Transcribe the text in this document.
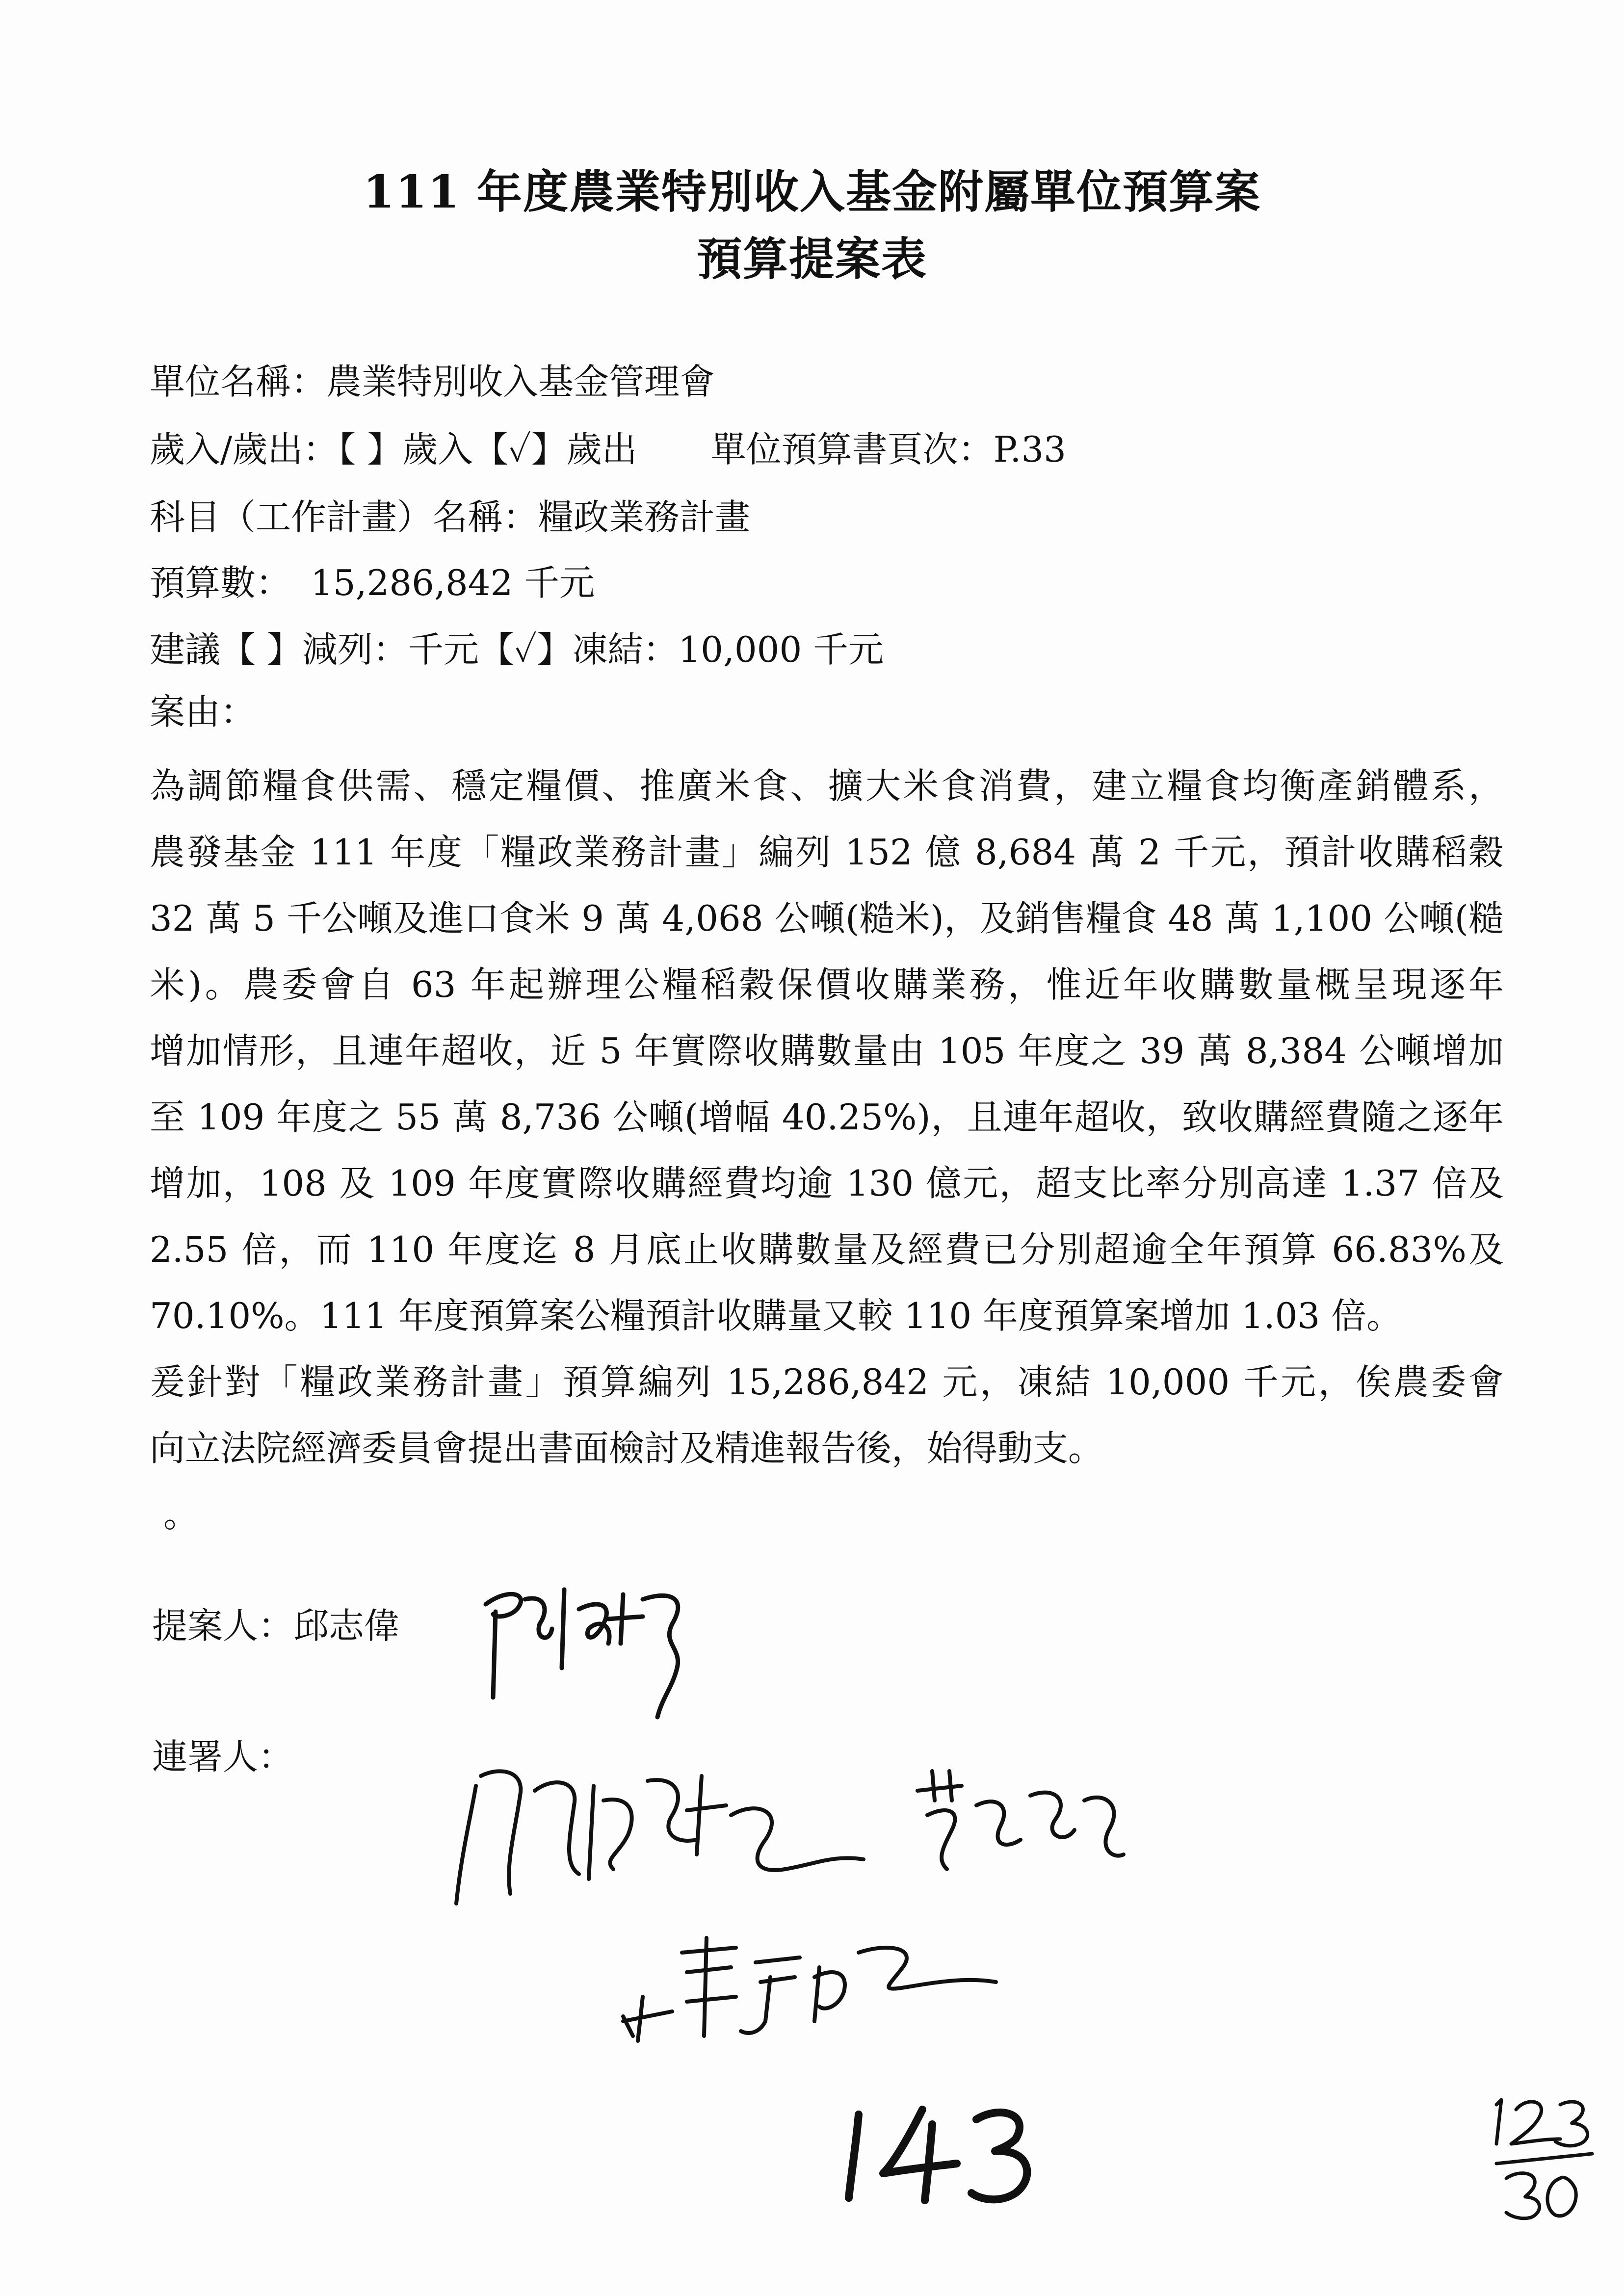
111 年度農業特別收入基金附屬單位預算案
預算提案表
單位名稱：農業特別收入基金管理會
歲入/歲出：【 】歲入【✓】歲出 單位預算書頁次：P.33
科目（工作計畫）名稱：糧政業務計畫
預算數： 15,286,842 千元
建議【 】減列：千元【✓】凍結：10,000 千元
案由：
為調節糧食供需、穩定糧價、推廣米食、擴大米食消費，建立糧食均衡產銷體系，
農發基金 111 年度「糧政業務計畫」編列 152 億 8,684 萬 2 千元，預計收購稻穀
32 萬 5 千公噸及進口食米 9 萬 4,068 公噸(糙米)，及銷售糧食 48 萬 1,100 公噸(糙
米)。農委會自 63 年起辦理公糧稻穀保價收購業務，惟近年收購數量概呈現逐年
增加情形，且連年超收，近 5 年實際收購數量由 105 年度之 39 萬 8,384 公噸增加
至 109 年度之 55 萬 8,736 公噸(增幅 40.25%)，且連年超收，致收購經費隨之逐年
增加，108 及 109 年度實際收購經費均逾 130 億元，超支比率分別高達 1.37 倍及
2.55 倍，而 110 年度迄 8 月底止收購數量及經費已分別超逾全年預算 66.83%及
70.10%。111 年度預算案公糧預計收購量又較 110 年度預算案增加 1.03 倍。
爰針對「糧政業務計畫」預算編列 15,286,842 元，凍結 10,000 千元，俟農委會
向立法院經濟委員會提出書面檢討及精進報告後，始得動支。
。
提案人：邱志偉
連署人：
